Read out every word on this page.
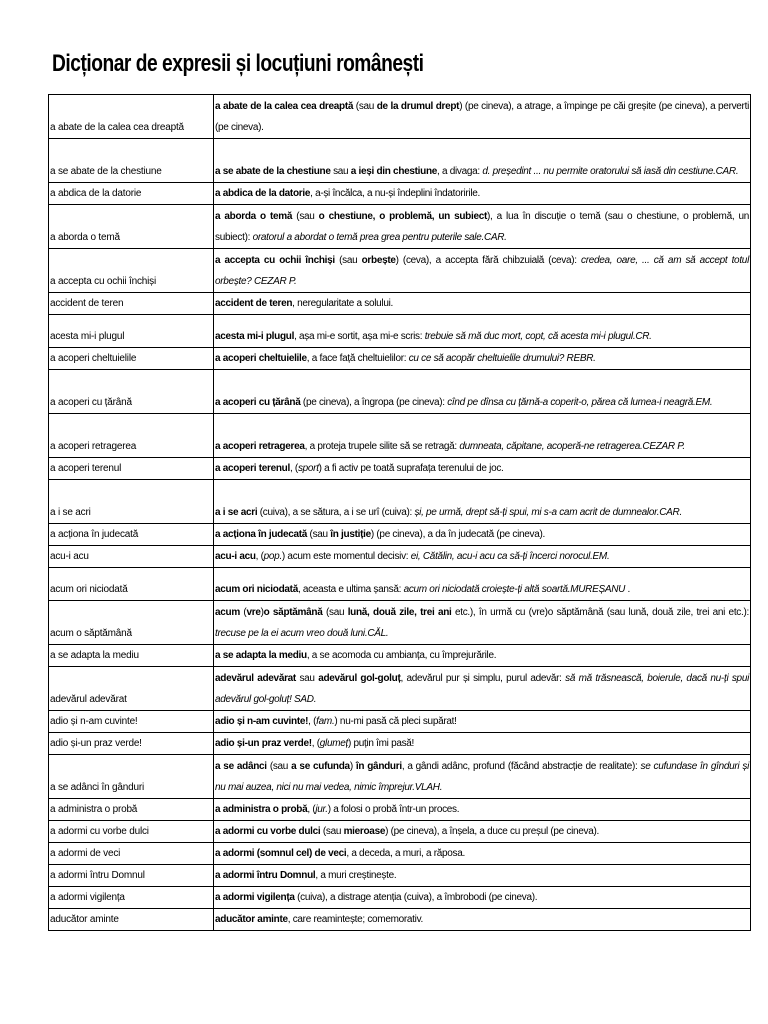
Dicționar de expresii și locuțiuni românești
a abate de la calea cea dreaptă	a abate de la calea cea dreaptă (sau de la drumul drept) (pe cineva), a atrage, a împinge pe căi greșite (pe cineva), a perverti (pe cineva).
a se abate de la chestiune	a se abate de la chestiune sau a ieși din chestiune, a divaga: d. președint ... nu permite oratorului să iasă din cestiune.CAR.
a abdica de la datorie	a abdica de la datorie, a-și încălca, a nu-și îndeplini îndatoririle.
a aborda o temă	a aborda o temă (sau o chestiune, o problemă, un subiect), a lua în discuție o temă (sau o chestiune, o problemă, un subiect): oratorul a abordat o temă prea grea pentru puterile sale.CAR.
a accepta cu ochii închiși	a accepta cu ochii închiși (sau orbește) (ceva), a accepta fără chibzuială (ceva): credea, oare, ... că am să accept totul orbește? CEZAR P.
accident de teren	accident de teren, neregularitate a solului.
acesta mi-i plugul	acesta mi-i plugul, așa mi-e sortit, așa mi-e scris: trebuie să mă duc mort, copt, că acesta mi-i plugul.CR.
a acoperi cheltuielile	a acoperi cheltuielile, a face față cheltuielilor: cu ce să acopăr cheltuielile drumului? REBR.
a acoperi cu țărână	a acoperi cu țărână (pe cineva), a îngropa (pe cineva): cînd pe dînsa cu țărnă-a coperit-o, părea că lumea-i neagră.EM.
a acoperi retragerea	a acoperi retragerea, a proteja trupele silite să se retragă: dumneata, căpitane, acoperă-ne retragerea.CEZAR P.
a acoperi terenul	a acoperi terenul, (sport) a fi activ pe toată suprafața terenului de joc.
a i se acri	a i se acri (cuiva), a se sătura, a i se urî (cuiva): și, pe urmă, drept să-ți spui, mi s-a cam acrit de dumnealor.CAR.
a acționa în judecată	a acționa în judecată (sau în justiție) (pe cineva), a da în judecată (pe cineva).
acu-i acu	acu-i acu, (pop.) acum este momentul decisiv: ei, Cătălin, acu-i acu ca să-ți încerci norocul.EM.
acum ori niciodată	acum ori niciodată, aceasta e ultima șansă: acum ori niciodată croiește-ți altă soartă.MUREȘANU .
acum o săptămână	acum (vre)o săptămână (sau lună, două zile, trei ani etc.), în urmă cu (vre)o săptămână (sau lună, două zile, trei ani etc.): trecuse pe la ei acum vreo două luni.CĂL.
a se adapta la mediu	a se adapta la mediu, a se acomoda cu ambianța, cu împrejurările.
adevărul adevărat	adevărul adevărat sau adevărul gol-goluț, adevărul pur și simplu, purul adevăr: să mă trăsnească, boierule, dacă nu-ți spui adevărul gol-goluț! SAD.
adio și n-am cuvinte!	adio și n-am cuvinte!, (fam.) nu-mi pasă că pleci supărat!
adio și-un praz verde!	adio și-un praz verde!, (glumeț) puțin îmi pasă!
a se adânci în gânduri	a se adânci (sau a se cufunda) în gânduri, a gândi adânc, profund (făcând abstracție de realitate): se cufundase în gînduri și nu mai auzea, nici nu mai vedea, nimic împrejur.VLAH.
a administra o probă	a administra o probă, (jur.) a folosi o probă într-un proces.
a adormi cu vorbe dulci	a adormi cu vorbe dulci (sau mieroase) (pe cineva), a înșela, a duce cu preșul (pe cineva).
a adormi de veci	a adormi (somnul cel) de veci, a deceda, a muri, a răposa.
a adormi întru Domnul	a adormi întru Domnul, a muri creștinește.
a adormi vigilența	a adormi vigilența (cuiva), a distrage atenția (cuiva), a îmbrobodi (pe cineva).
aducător aminte	aducător aminte, care reamintește; comemorativ.
